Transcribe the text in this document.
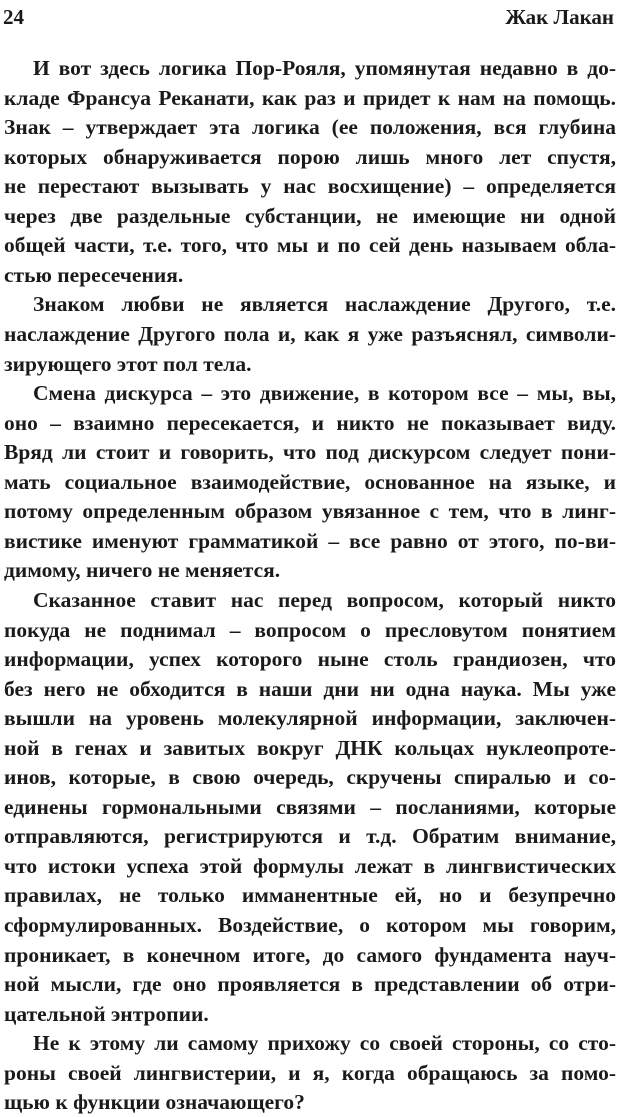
24	Жак Лакан
И вот здесь логика Пор-Рояля, упомянутая недавно в до-
кладе Франсуа Реканати, как раз и придет к нам на помощь.
Знак – утверждает эта логика (ее положения, вся глубина
которых обнаруживается порою лишь много лет спустя,
не перестают вызывать у нас восхищение) – определяется
через две раздельные субстанции, не имеющие ни одной
общей части, т.е. того, что мы и по сей день называем обла-
стью пересечения.
Знаком любви не является наслаждение Другого, т.е.
наслаждение Другого пола и, как я уже разъяснял, символи-
зирующего этот пол тела.
Смена дискурса – это движение, в котором все – мы, вы,
оно – взаимно пересекается, и никто не показывает виду.
Вряд ли стоит и говорить, что под дискурсом следует пони-
мать социальное взаимодействие, основанное на языке, и
потому определенным образом увязанное с тем, что в линг-
вистике именуют грамматикой – все равно от этого, по-ви-
димому, ничего не меняется.
Сказанное ставит нас перед вопросом, который никто
покуда не поднимал – вопросом о пресловутом понятием
информации, успех которого ныне столь грандиозен, что
без него не обходится в наши дни ни одна наука. Мы уже
вышли на уровень молекулярной информации, заключен-
ной в генах и завитых вокруг ДНК кольцах нуклеопроте-
инов, которые, в свою очередь, скручены спиралью и со-
единены гормональными связями – посланиями, которые
отправляются, регистрируются и т.д. Обратим внимание,
что истоки успеха этой формулы лежат в лингвистических
правилах, не только имманентные ей, но и безупречно
сформулированных. Воздействие, о котором мы говорим,
проникает, в конечном итоге, до самого фундамента науч-
ной мысли, где оно проявляется в представлении об отри-
цательной энтропии.
Не к этому ли самому прихожу со своей стороны, со сто-
роны своей лингвистерии, и я, когда обращаюсь за помо-
щью к функции означающего?
